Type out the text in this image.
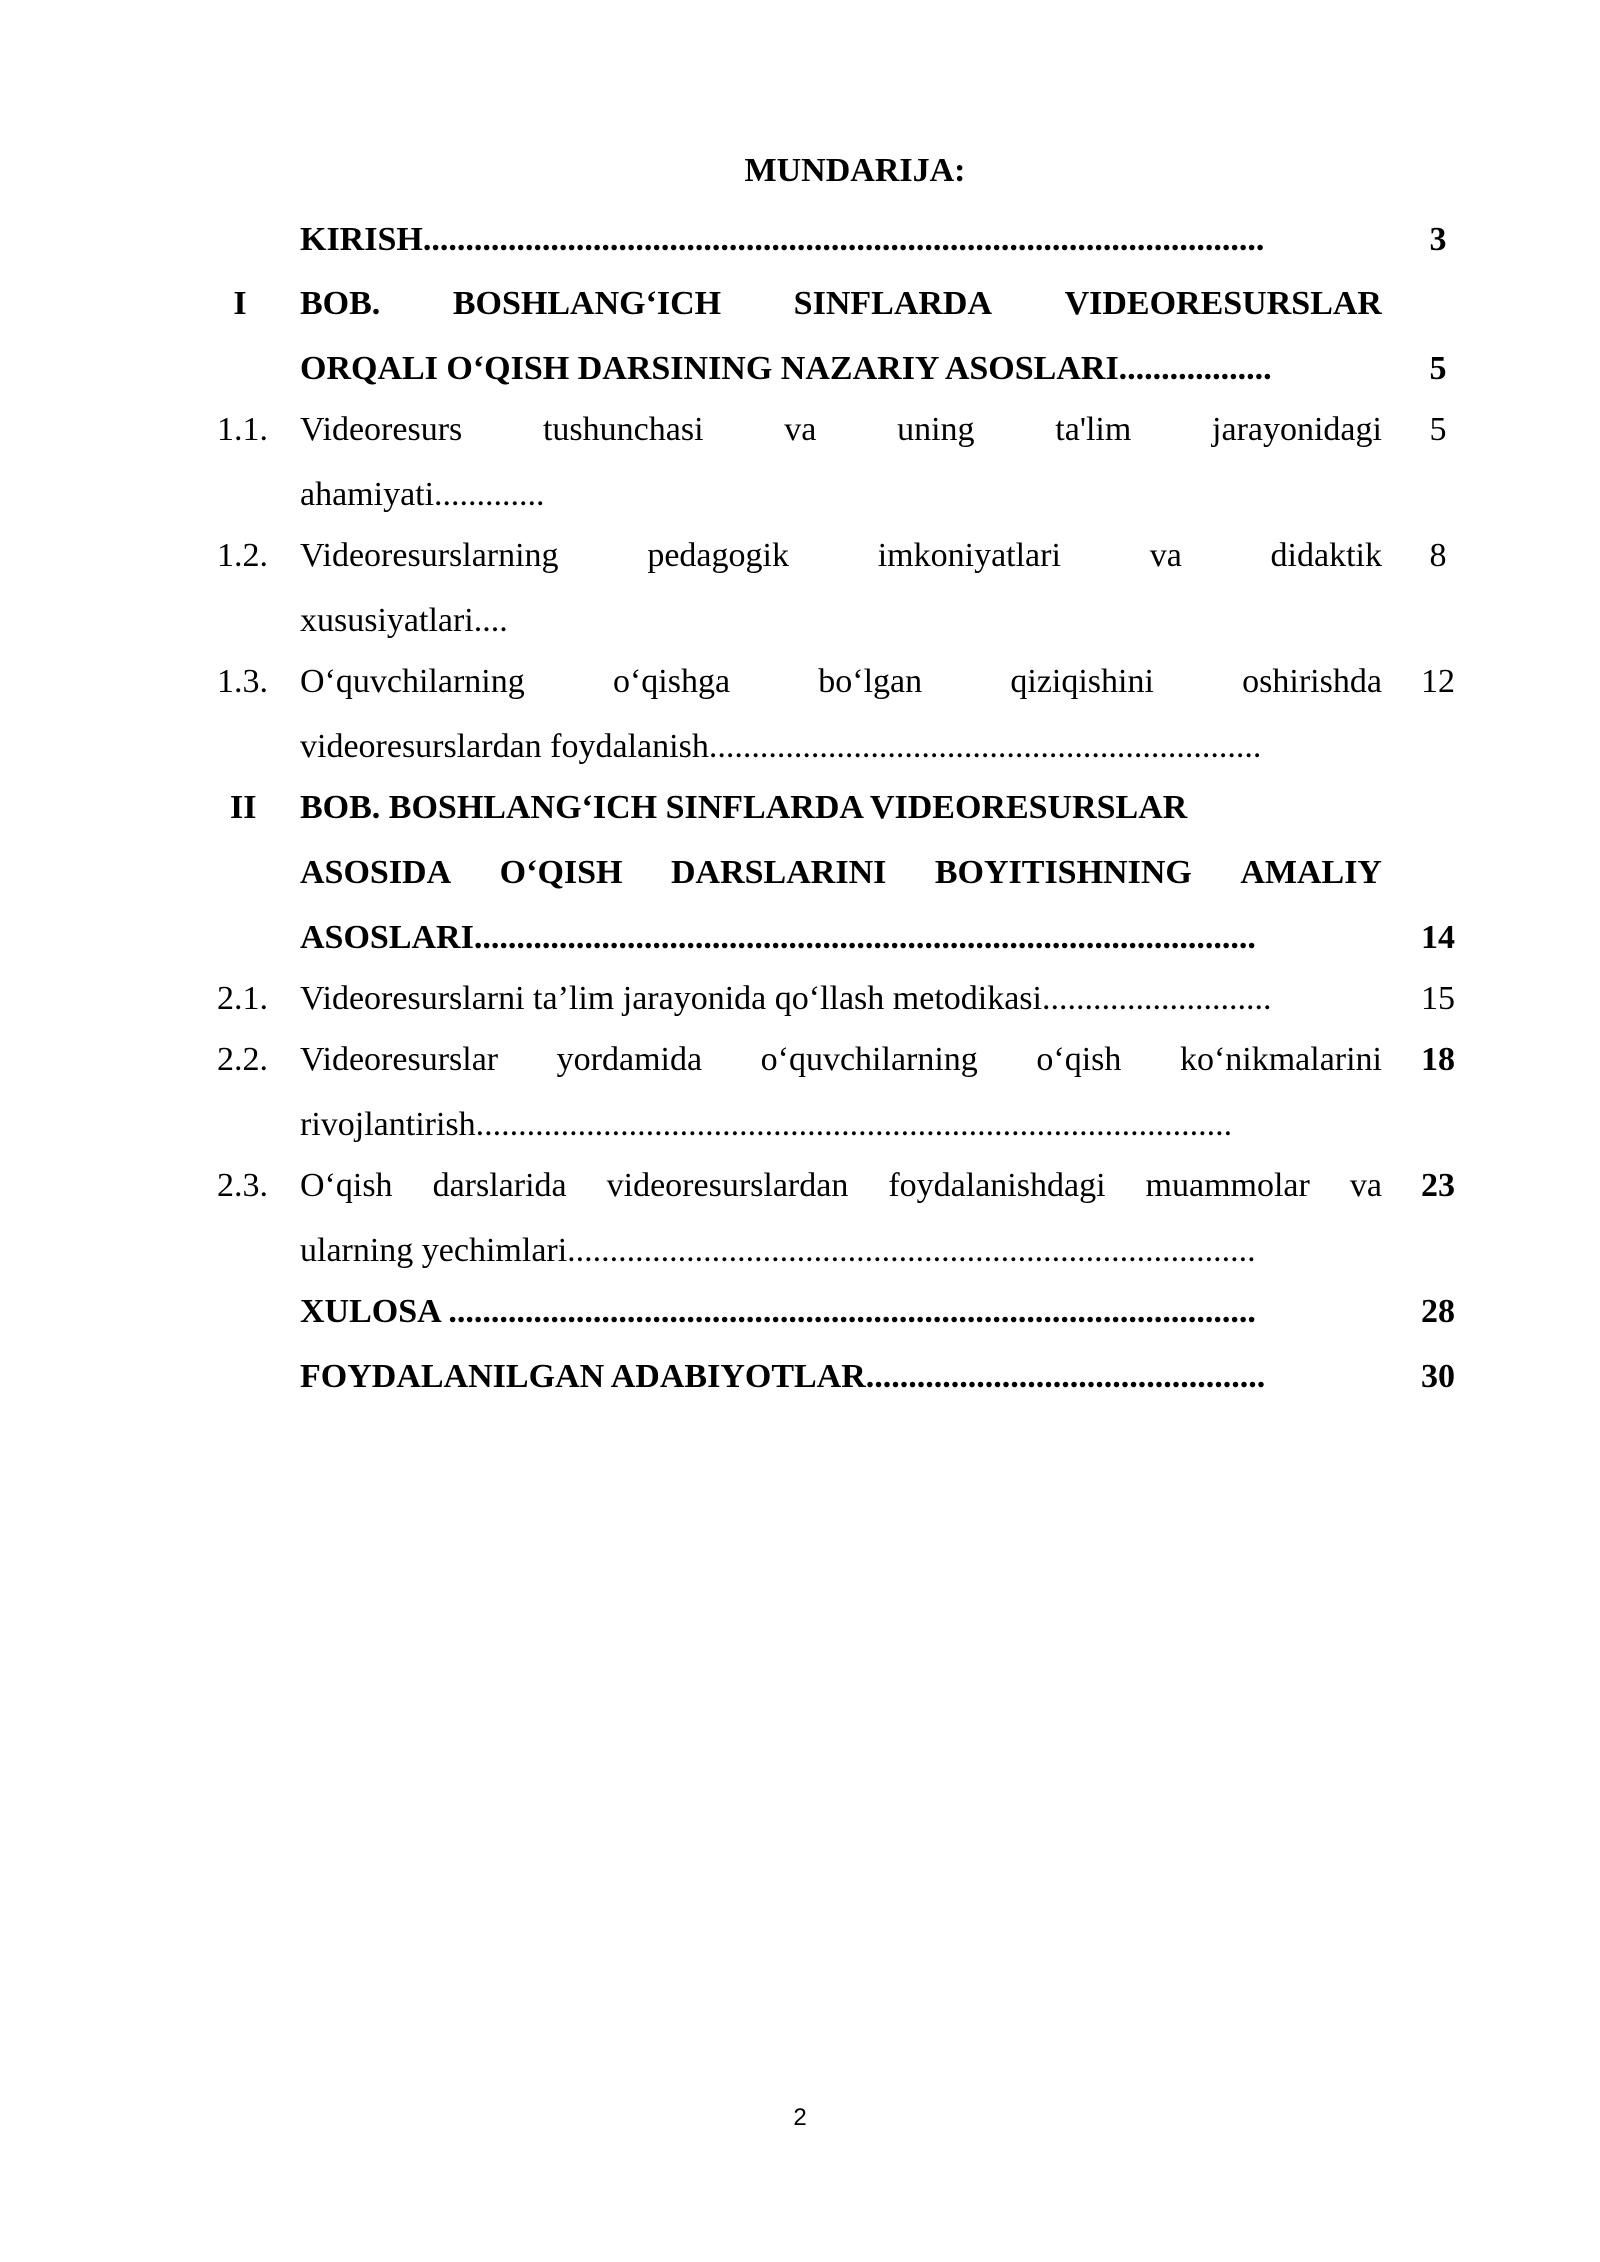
MUNDARIJA:
KIRISH...................................................................................................	3
I BOB. BOSHLANG‘ICH SINFLARDA VIDEORESURSLAR
ORQALI O‘QISH DARSINING NAZARIY ASOSLARI..................	5
1.1. Videoresurs tushunchasi va uning ta'lim jarayonidagi	5
ahamiyati.............
1.2. Videoresurslarning	pedagogik	imkoniyatlari	va	didaktik	8
xususiyatlari....
1.3. O‘quvchilarning	o‘qishga	bo‘lgan	qiziqishini	oshirishda	12
videoresurslardan foydalanish.................................................................
II BOB. BOSHLANG‘ICH SINFLARDA VIDEORESURSLAR
ASOSIDA O‘QISH DARSLARINI BOYITISHNING AMALIY
ASOSLARI............................................................................................	14
2.1. Videoresurslarni ta’lim jarayonida qo‘llash metodikasi...........................	15
2.2. Videoresurslar yordamida o‘quvchilarning o‘qish ko‘nikmalarini	18
rivojlantirish.........................................................................................
2.3. O‘qish darslarida videoresurslardan foydalanishdagi muammolar va	23
ularning yechimlari.................................................................................
XULOSA ...............................................................................................	28
FOYDALANILGAN ADABIYOTLAR...............................................	30
2
